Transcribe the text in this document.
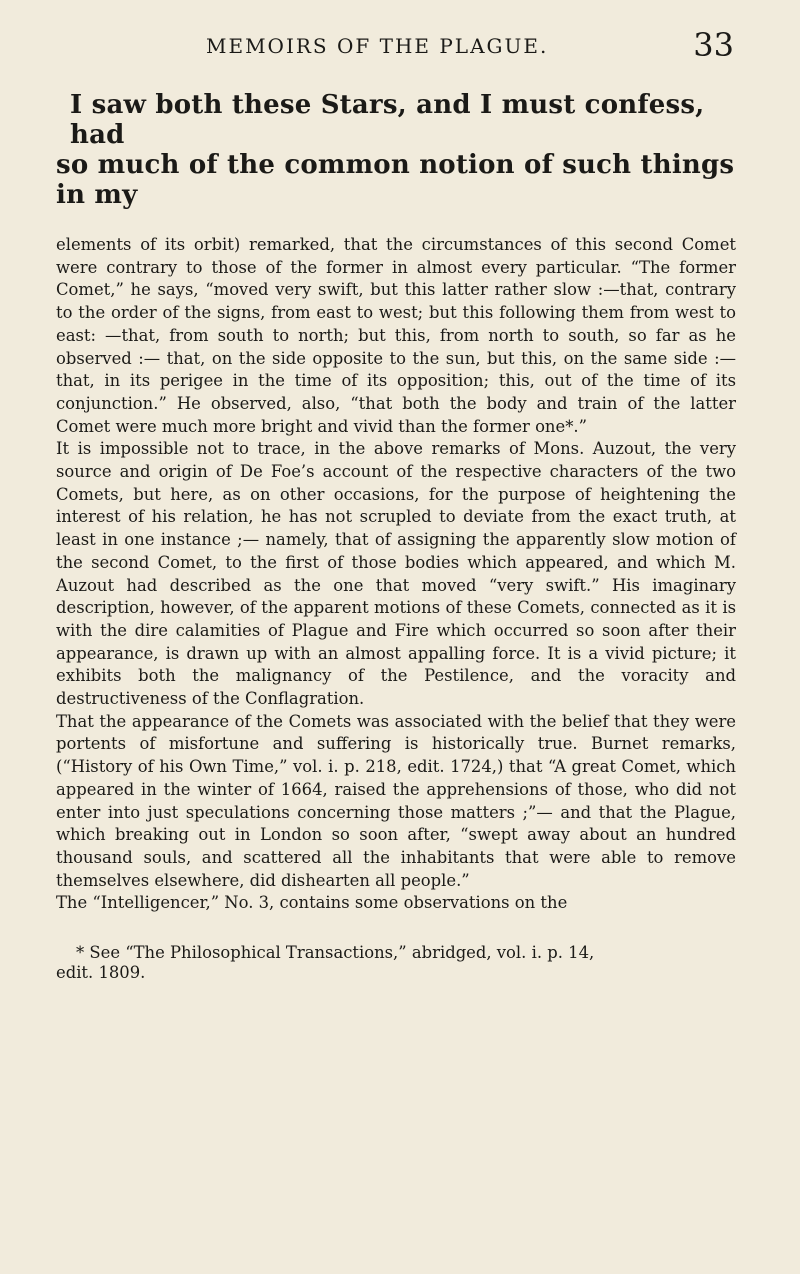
MEMOIRS OF THE PLAGUE.	33
I saw both these Stars, and I must confess, had
so much of the common notion of such things in my

elements of its orbit) remarked, that the circumstances of this second Comet were contrary to those of the former in almost every particular. “The former Comet,” he says, “moved very swift, but this latter rather slow :—that, contrary to the order of the signs, from east to west; but this following them from west to east: —that, from south to north; but this, from north to south, so far as he observed :— that, on the side opposite to the sun, but this, on the same side :—that, in its perigee in the time of its opposition; this, out of the time of its conjunction.” He observed, also, “that both the body and train of the latter Comet were much more bright and vivid than the former one*.”

It is impossible not to trace, in the above remarks of Mons. Auzout, the very source and origin of De Foe’s account of the respective characters of the two Comets, but here, as on other occasions, for the purpose of heightening the interest of his relation, he has not scrupled to deviate from the exact truth, at least in one instance ;— namely, that of assigning the apparently slow motion of the second Comet, to the first of those bodies which appeared, and which M. Auzout had described as the one that moved “very swift.” His imaginary description, however, of the apparent motions of these Comets, connected as it is with the dire calamities of Plague and Fire which occurred so soon after their appearance, is drawn up with an almost appalling force. It is a vivid picture; it exhibits both the malignancy of the Pestilence, and the voracity and destructiveness of the Conflagration.

That the appearance of the Comets was associated with the belief that they were portents of misfortune and suffering is historically true. Burnet remarks, (“History of his Own Time,” vol. i. p. 218, edit. 1724,) that “A great Comet, which appeared in the winter of 1664, raised the apprehensions of those, who did not enter into just speculations concerning those matters ;”— and that the Plague, which breaking out in London so soon after, “swept away about an hundred thousand souls, and scattered all the inhabitants that were able to remove themselves elsewhere, did dishearten all people.”

The “Intelligencer,” No. 3, contains some observations on the

* See “The Philosophical Transactions,” abridged, vol. i. p. 14,

edit. 1809.
